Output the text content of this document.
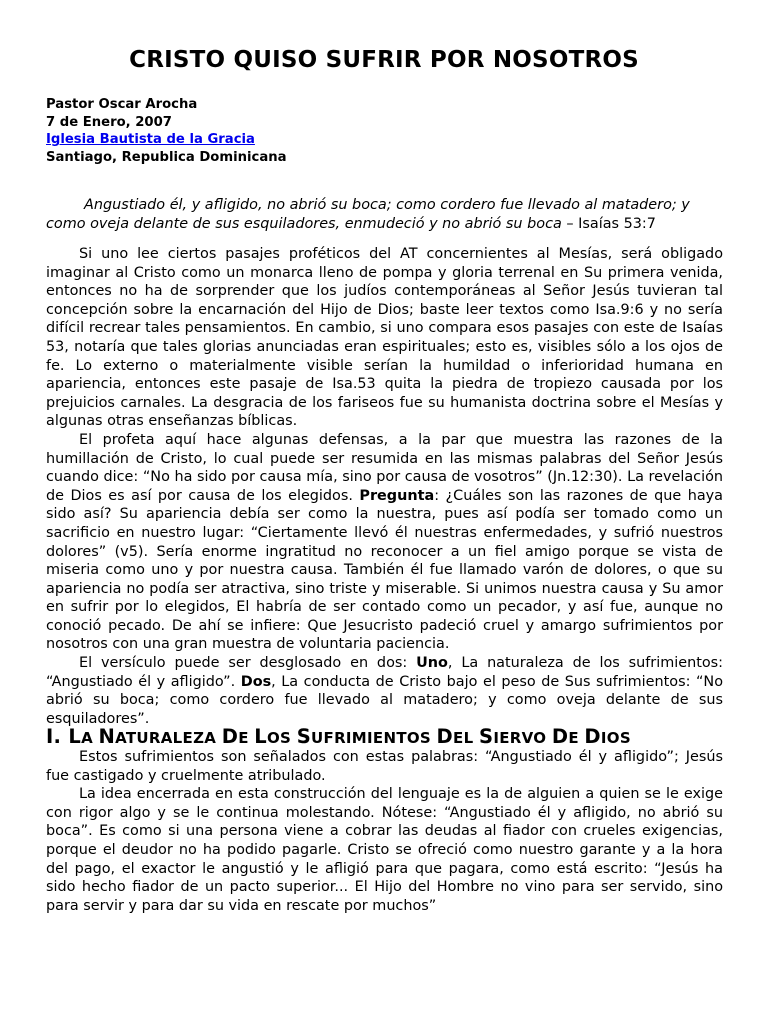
CRISTO QUISO SUFRIR POR NOSOTROS
Pastor Oscar Arocha
7 de Enero, 2007
Iglesia Bautista de la Gracia
Santiago, Republica Dominicana

Angustiado él, y afligido, no abrió su boca; como cordero fue llevado al matadero; y como oveja delante de sus esquiladores, enmudeció y no abrió su boca – Isaías 53:7

Si uno lee ciertos pasajes proféticos del AT concernientes al Mesías, será obligado imaginar al Cristo como un monarca lleno de pompa y gloria terrenal en Su primera venida, entonces no ha de sorprender que los judíos contemporáneas al Señor Jesús tuvieran tal concepción sobre la encarnación del Hijo de Dios; baste leer textos como Isa.9:6 y no sería difícil recrear tales pensamientos. En cambio, si uno compara esos pasajes con este de Isaías 53, notaría que tales glorias anunciadas eran espirituales; esto es, visibles sólo a los ojos de fe. Lo externo o materialmente visible serían la humildad o inferioridad humana en apariencia, entonces este pasaje de Isa.53 quita la piedra de tropiezo causada por los prejuicios carnales. La desgracia de los fariseos fue su humanista doctrina sobre el Mesías y algunas otras enseñanzas bíblicas.

El profeta aquí hace algunas defensas, a la par que muestra las razones de la humillación de Cristo, lo cual puede ser resumida en las mismas palabras del Señor Jesús cuando dice: “No ha sido por causa mía, sino por causa de vosotros” (Jn.12:30). La revelación de Dios es así por causa de los elegidos. Pregunta: ¿Cuáles son las razones de que haya sido así? Su apariencia debía ser como la nuestra, pues así podía ser tomado como un sacrificio en nuestro lugar: “Ciertamente llevó él nuestras enfermedades, y sufrió nuestros dolores” (v5). Sería enorme ingratitud no reconocer a un fiel amigo porque se vista de miseria como uno y por nuestra causa. También él fue llamado varón de dolores, o que su apariencia no podía ser atractiva, sino triste y miserable. Si unimos nuestra causa y Su amor en sufrir por lo elegidos, El habría de ser contado como un pecador, y así fue, aunque no conoció pecado. De ahí se infiere: Que Jesucristo padeció cruel y amargo sufrimientos por nosotros con una gran muestra de voluntaria paciencia.

El versículo puede ser desglosado en dos: Uno, La naturaleza de los sufrimientos: “Angustiado él y afligido”. Dos, La conducta de Cristo bajo el peso de Sus sufrimientos: “No abrió su boca; como cordero fue llevado al matadero; y como oveja delante de sus esquiladores”.

I. LA NATURALEZA DE LOS SUFRIMIENTOS DEL SIERVO DE DIOS

Estos sufrimientos son señalados con estas palabras: “Angustiado él y afligido”; Jesús fue castigado y cruelmente atribulado.

La idea encerrada en esta construcción del lenguaje es la de alguien a quien se le exige con rigor algo y se le continua molestando. Nótese: “Angustiado él y afligido, no abrió su boca”. Es como si una persona viene a cobrar las deudas al fiador con crueles exigencias, porque el deudor no ha podido pagarle. Cristo se ofreció como nuestro garante y a la hora del pago, el exactor le angustió y le afligió para que pagara, como está escrito: “Jesús ha sido hecho fiador de un pacto superior... El Hijo del Hombre no vino para ser servido, sino para servir y para dar su vida en rescate por muchos”
